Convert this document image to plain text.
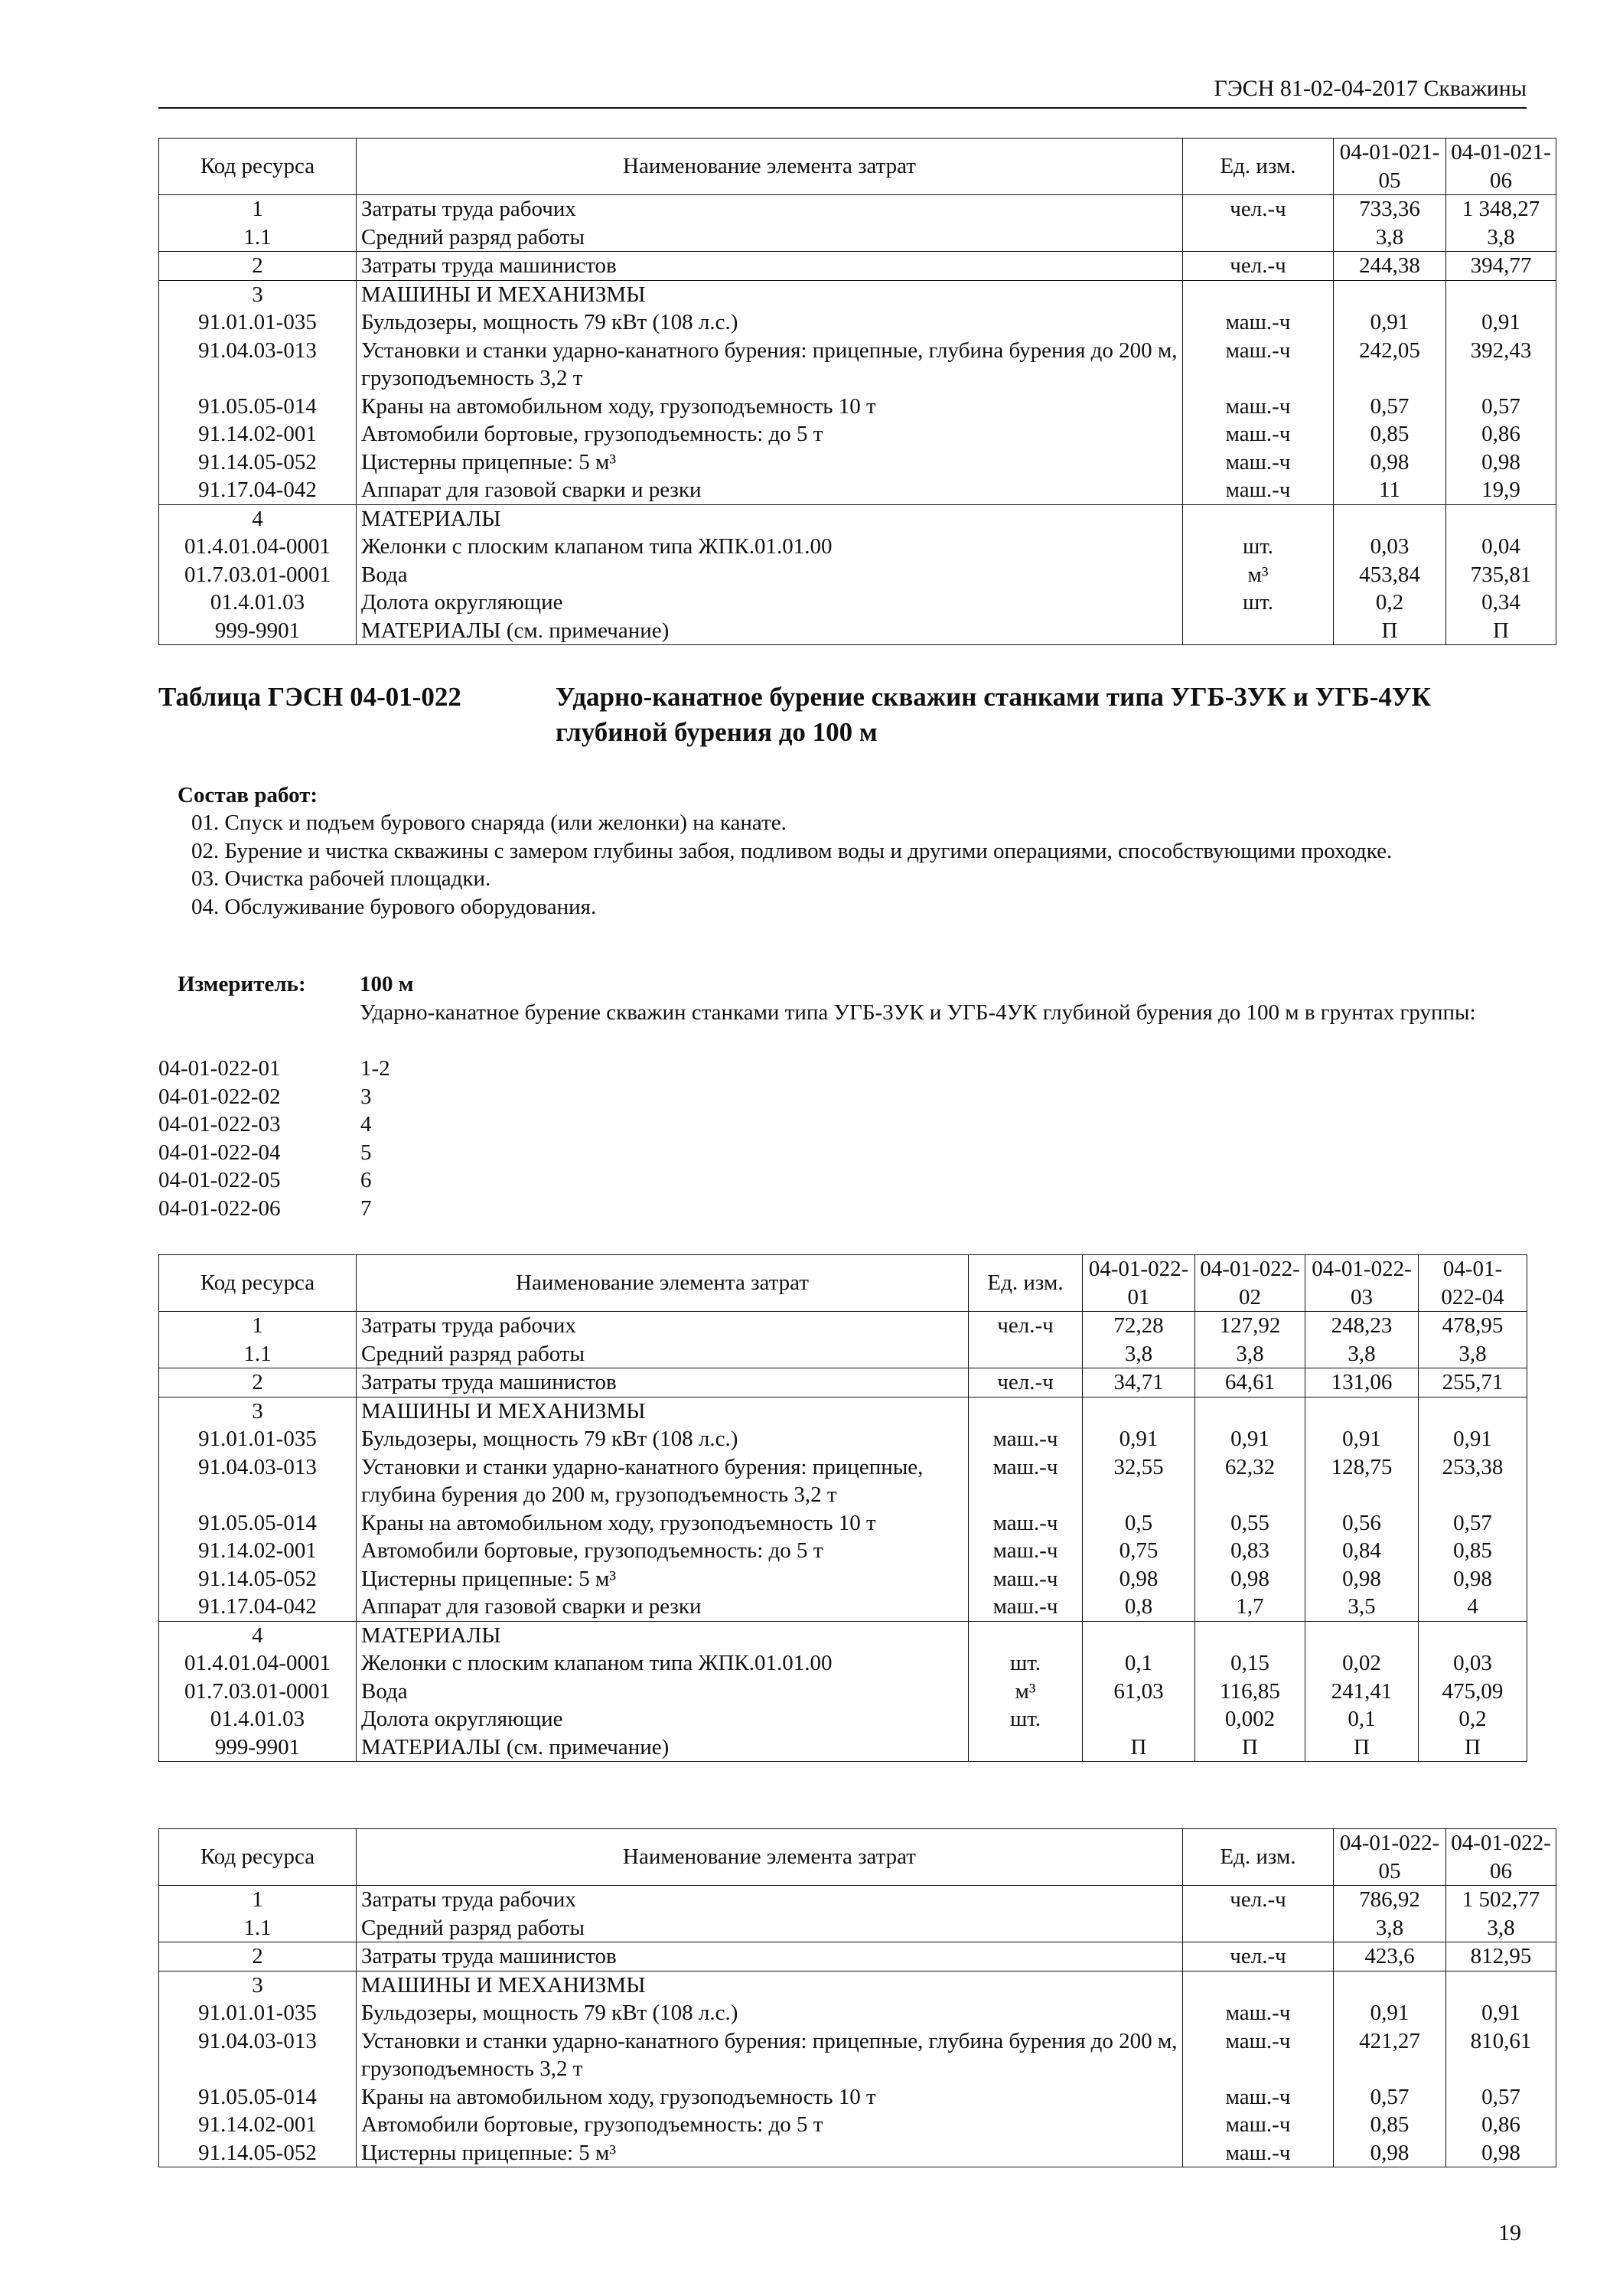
ГЭСН 81-02-04-2017 Скважины
Код ресурса	Наименование элемента затрат	Ед. изм.	04-01-021-05	04-01-021-06
1	Затраты труда рабочих	чел.-ч	733,36	1 348,27
1.1	Средний разряд работы		3,8	3,8
2	Затраты труда машинистов	чел.-ч	244,38	394,77
3	МАШИНЫ И МЕХАНИЗМЫ			
91.01.01-035	Бульдозеры, мощность 79 кВт (108 л.с.)	маш.-ч	0,91	0,91
91.04.03-013	Установки и станки ударно-канатного бурения: прицепные, глубина бурения до 200 м, грузоподъемность 3,2 т	маш.-ч	242,05	392,43
91.05.05-014	Краны на автомобильном ходу, грузоподъемность 10 т	маш.-ч	0,57	0,57
91.14.02-001	Автомобили бортовые, грузоподъемность: до 5 т	маш.-ч	0,85	0,86
91.14.05-052	Цистерны прицепные: 5 м³	маш.-ч	0,98	0,98
91.17.04-042	Аппарат для газовой сварки и резки	маш.-ч	11	19,9
4	МАТЕРИАЛЫ			
01.4.01.04-0001	Желонки с плоским клапаном типа ЖПК.01.01.00	шт.	0,03	0,04
01.7.03.01-0001	Вода	м³	453,84	735,81
01.4.01.03	Долота округляющие	шт.	0,2	0,34
999-9901	МАТЕРИАЛЫ (см. примечание)		П	П
Таблица ГЭСН 04-01-022	Ударно-канатное бурение скважин станками типа УГБ-3УК и УГБ-4УК глубиной бурения до 100 м
Состав работ:
01. Спуск и подъем бурового снаряда (или желонки) на канате.
02. Бурение и чистка скважины с замером глубины забоя, подливом воды и другими операциями, способствующими проходке.
03. Очистка рабочей площадки.
04. Обслуживание бурового оборудования.
Измеритель: 100 м
Ударно-канатное бурение скважин станками типа УГБ-3УК и УГБ-4УК глубиной бурения до 100 м в грунтах группы:
04-01-022-01	1-2
04-01-022-02	3
04-01-022-03	4
04-01-022-04	5
04-01-022-05	6
04-01-022-06	7
Код ресурса	Наименование элемента затрат	Ед. изм.	04-01-022-01	04-01-022-02	04-01-022-03	04-01-022-04
1	Затраты труда рабочих	чел.-ч	72,28	127,92	248,23	478,95
1.1	Средний разряд работы		3,8	3,8	3,8	3,8
2	Затраты труда машинистов	чел.-ч	34,71	64,61	131,06	255,71
3	МАШИНЫ И МЕХАНИЗМЫ					
91.01.01-035	Бульдозеры, мощность 79 кВт (108 л.с.)	маш.-ч	0,91	0,91	0,91	0,91
91.04.03-013	Установки и станки ударно-канатного бурения: прицепные, глубина бурения до 200 м, грузоподъемность 3,2 т	маш.-ч	32,55	62,32	128,75	253,38
91.05.05-014	Краны на автомобильном ходу, грузоподъемность 10 т	маш.-ч	0,5	0,55	0,56	0,57
91.14.02-001	Автомобили бортовые, грузоподъемность: до 5 т	маш.-ч	0,75	0,83	0,84	0,85
91.14.05-052	Цистерны прицепные: 5 м³	маш.-ч	0,98	0,98	0,98	0,98
91.17.04-042	Аппарат для газовой сварки и резки	маш.-ч	0,8	1,7	3,5	4
4	МАТЕРИАЛЫ					
01.4.01.04-0001	Желонки с плоским клапаном типа ЖПК.01.01.00	шт.	0,1	0,15	0,02	0,03
01.7.03.01-0001	Вода	м³	61,03	116,85	241,41	475,09
01.4.01.03	Долота округляющие	шт.		0,002	0,1	0,2
999-9901	МАТЕРИАЛЫ (см. примечание)		П	П	П	П
Код ресурса	Наименование элемента затрат	Ед. изм.	04-01-022-05	04-01-022-06
1	Затраты труда рабочих	чел.-ч	786,92	1 502,77
1.1	Средний разряд работы		3,8	3,8
2	Затраты труда машинистов	чел.-ч	423,6	812,95
3	МАШИНЫ И МЕХАНИЗМЫ			
91.01.01-035	Бульдозеры, мощность 79 кВт (108 л.с.)	маш.-ч	0,91	0,91
91.04.03-013	Установки и станки ударно-канатного бурения: прицепные, глубина бурения до 200 м, грузоподъемность 3,2 т	маш.-ч	421,27	810,61
91.05.05-014	Краны на автомобильном ходу, грузоподъемность 10 т	маш.-ч	0,57	0,57
91.14.02-001	Автомобили бортовые, грузоподъемность: до 5 т	маш.-ч	0,85	0,86
91.14.05-052	Цистерны прицепные: 5 м³	маш.-ч	0,98	0,98
19
